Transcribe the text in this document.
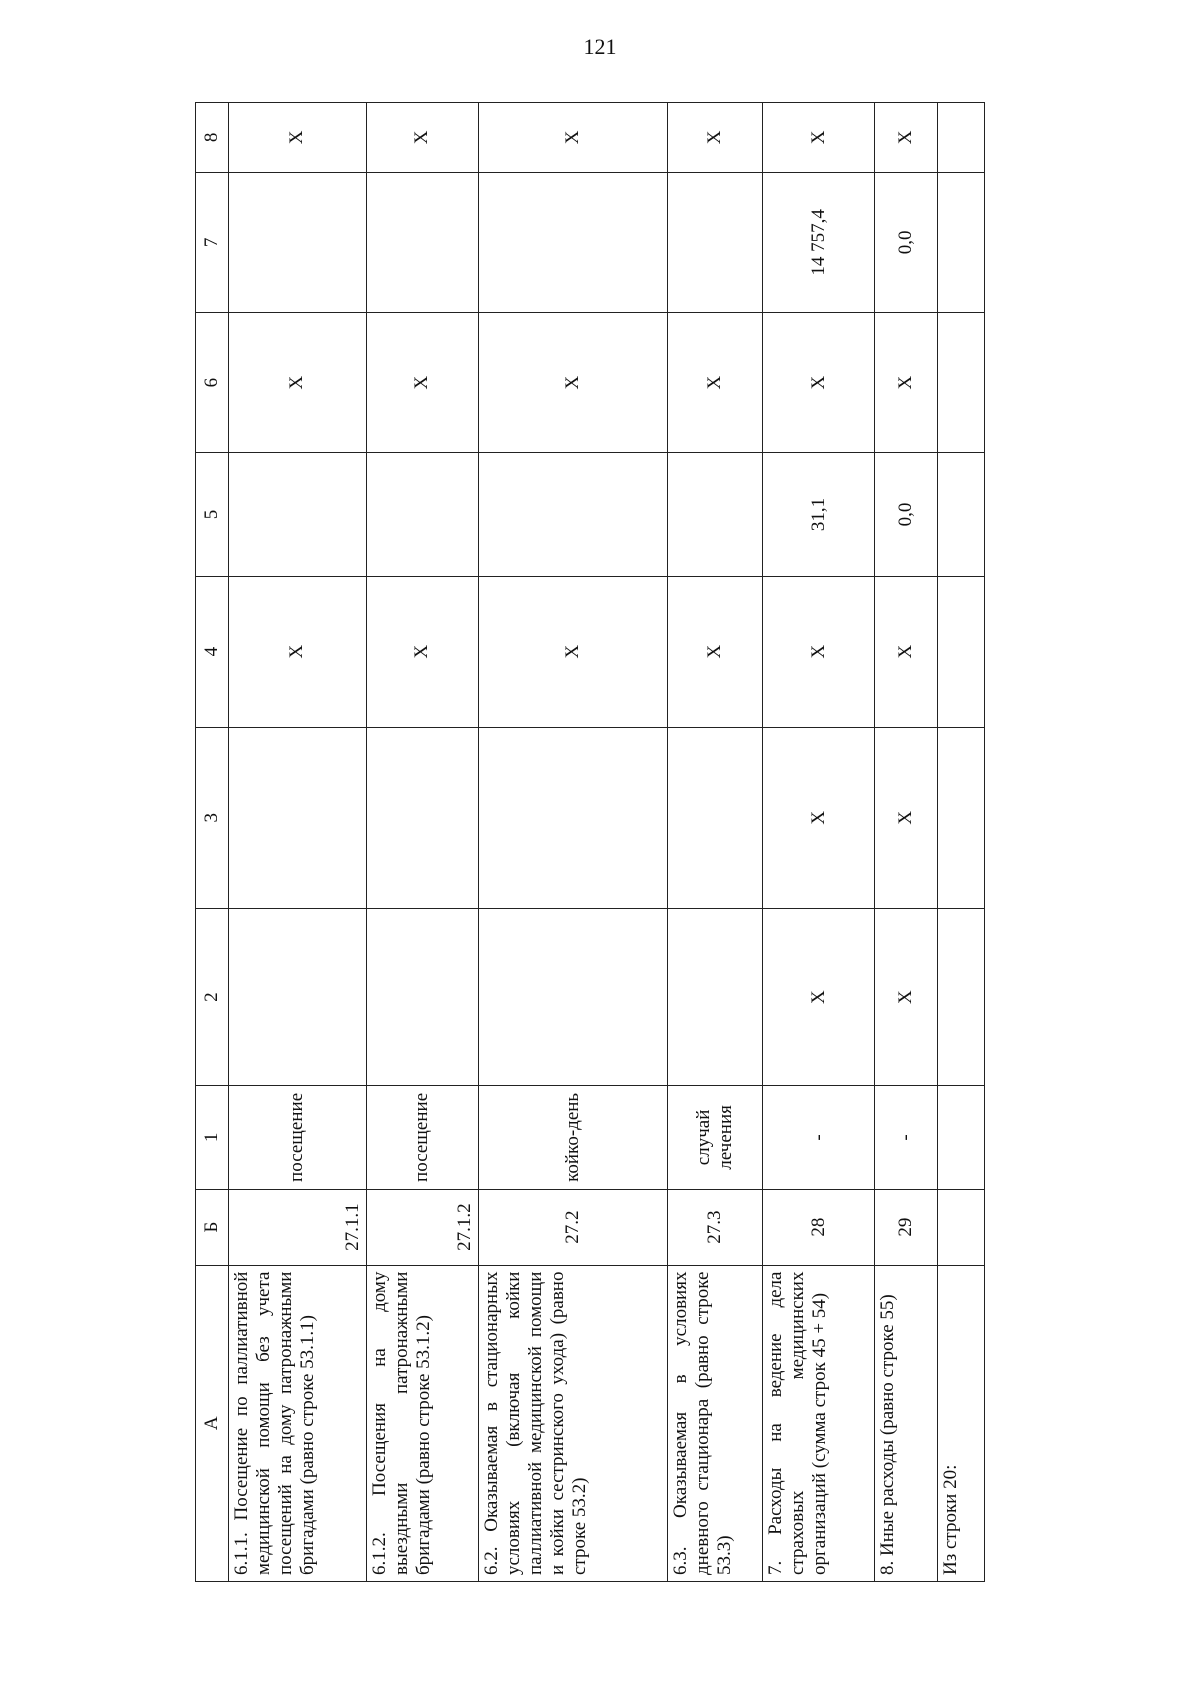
121
А	Б	1	2	3	4	5	6	7	8
6.1.1. Посещение по паллиативной медицинской помощи без учета посещений на дому патронажными бригадами (равно строке 53.1.1)	27.1.1	посещение			X		X		X
6.1.2. Посещения на дому выездными патронажными бригадами (равно строке 53.1.2)	27.1.2	посещение			X		X		X
6.2. Оказываемая в стационарных условиях (включая койки паллиативной медицинской помощи и койки сестринского ухода) (равно строке 53.2)	27.2	койко-день			X		X		X
6.3. Оказываемая в условиях дневного стационара (равно строке 53.3)	27.3	случай лечения			X		X		X
7. Расходы на ведение дела страховых медицинских организаций (сумма строк 45 + 54)	28	-	X	X	X	31,1	X	14 757,4	X
8. Иные расходы (равно строке 55)	29	-	X	X	X	0,0	X	0,0	X
Из строки 20:									
